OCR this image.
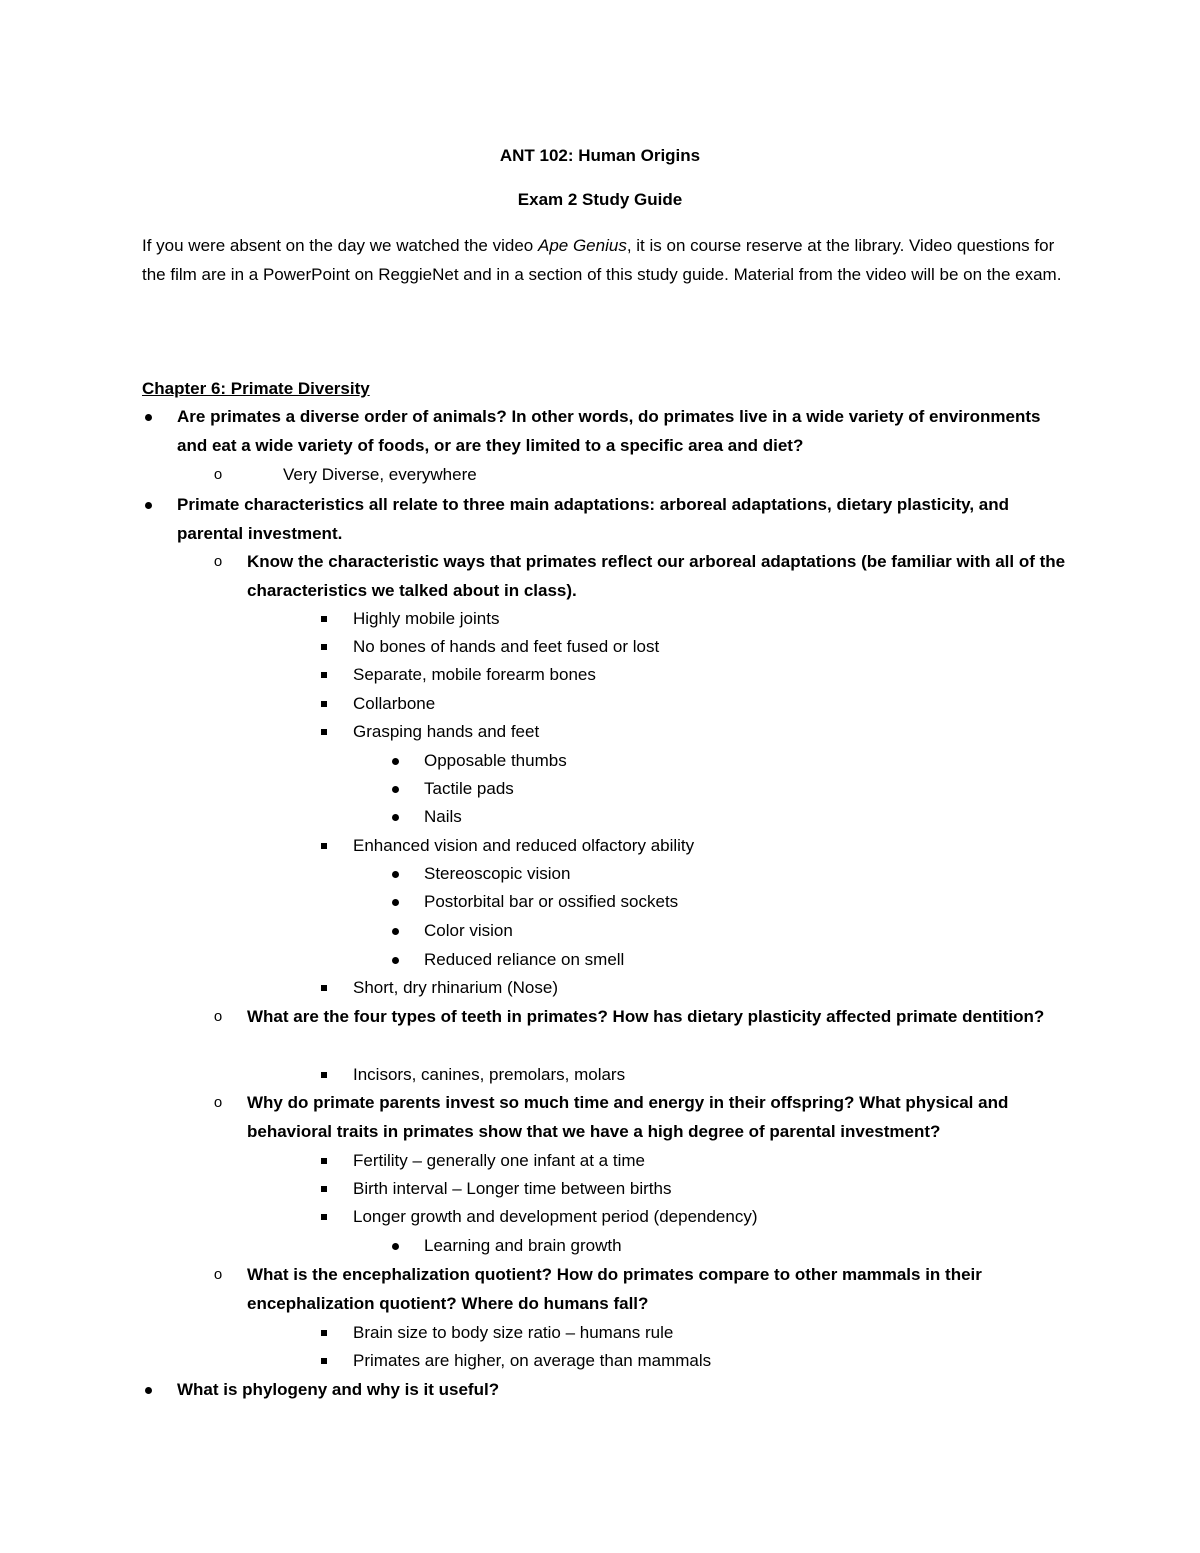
ANT 102: Human Origins
Exam 2 Study Guide
If you were absent on the day we watched the video Ape Genius, it is on course reserve at the library. Video questions for the film are in a PowerPoint on ReggieNet and in a section of this study guide. Material from the video will be on the exam.
Chapter 6: Primate Diversity
Are primates a diverse order of animals? In other words, do primates live in a wide variety of environments and eat a wide variety of foods, or are they limited to a specific area and diet?
o
Very Diverse, everywhere
Primate characteristics all relate to three main adaptations: arboreal adaptations, dietary plasticity, and parental investment.
o
Know the characteristic ways that primates reflect our arboreal adaptations (be familiar with all of the characteristics we talked about in class).
Highly mobile joints
No bones of hands and feet fused or lost
Separate, mobile forearm bones
Collarbone
Grasping hands and feet
Opposable thumbs
Tactile pads
Nails
Enhanced vision and reduced olfactory ability
Stereoscopic vision
Postorbital bar or ossified sockets
Color vision
Reduced reliance on smell
Short, dry rhinarium (Nose)
o
What are the four types of teeth in primates? How has dietary plasticity affected primate dentition?
Incisors, canines, premolars, molars
o
Why do primate parents invest so much time and energy in their offspring? What physical and behavioral traits in primates show that we have a high degree of parental investment?
Fertility – generally one infant at a time
Birth interval – Longer time between births
Longer growth and development period (dependency)
Learning and brain growth
o
What is the encephalization quotient? How do primates compare to other mammals in their encephalization quotient? Where do humans fall?
Brain size to body size ratio – humans rule
Primates are higher, on average than mammals
What is phylogeny and why is it useful?
